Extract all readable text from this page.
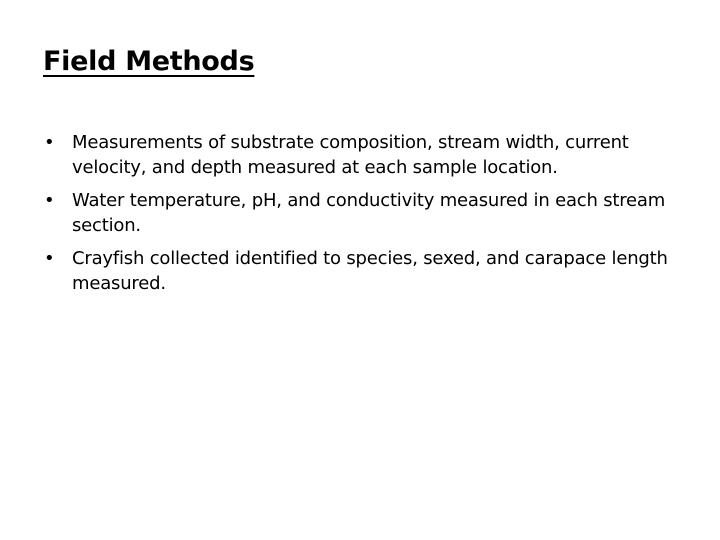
Field Methods
• Measurements of substrate composition, stream width, current velocity, and depth measured at each sample location.
• Water temperature, pH, and conductivity measured in each stream section.
• Crayfish collected identified to species, sexed, and carapace length measured.
